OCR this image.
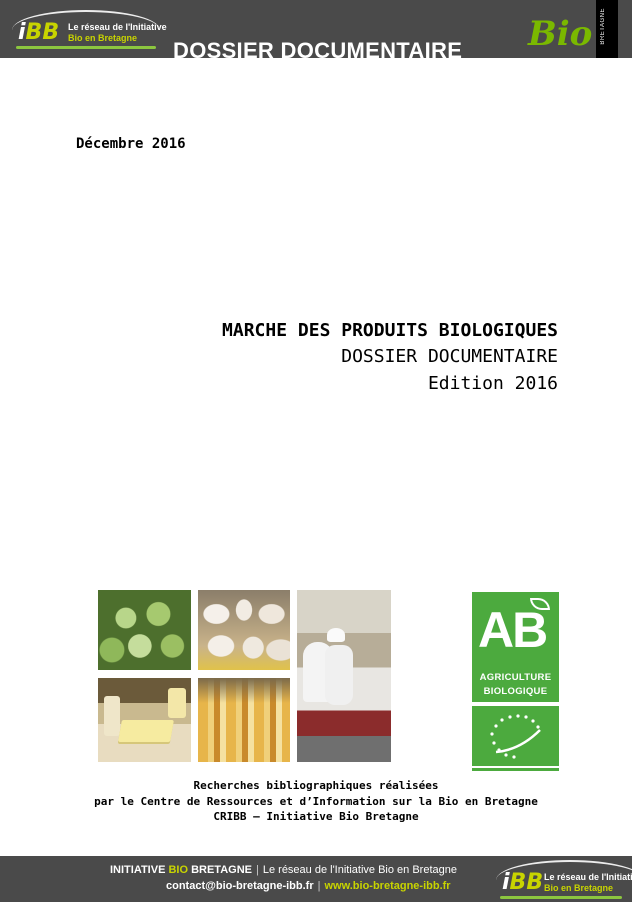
iBB Le réseau de l'Initiative
Bio en Bretagne DOSSIER DOCUMENTAIRE Bio BRETAGNE
Décembre 2016
MARCHE DES PRODUITS BIOLOGIQUES
DOSSIER DOCUMENTAIRE
Edition 2016
AB
AGRICULTURE
BIOLOGIQUE
Recherches bibliographiques réalisées
par le Centre de Ressources et d’Information sur la Bio en Bretagne
CRIBB – Initiative Bio Bretagne
INITIATIVE BIO BRETAGNE | Le réseau de l'Initiative Bio en Bretagne
contact@bio-bretagne-ibb.fr | www.bio-bretagne-ibb.fr iBB Le réseau de l'Initiative
Bio en Bretagne
